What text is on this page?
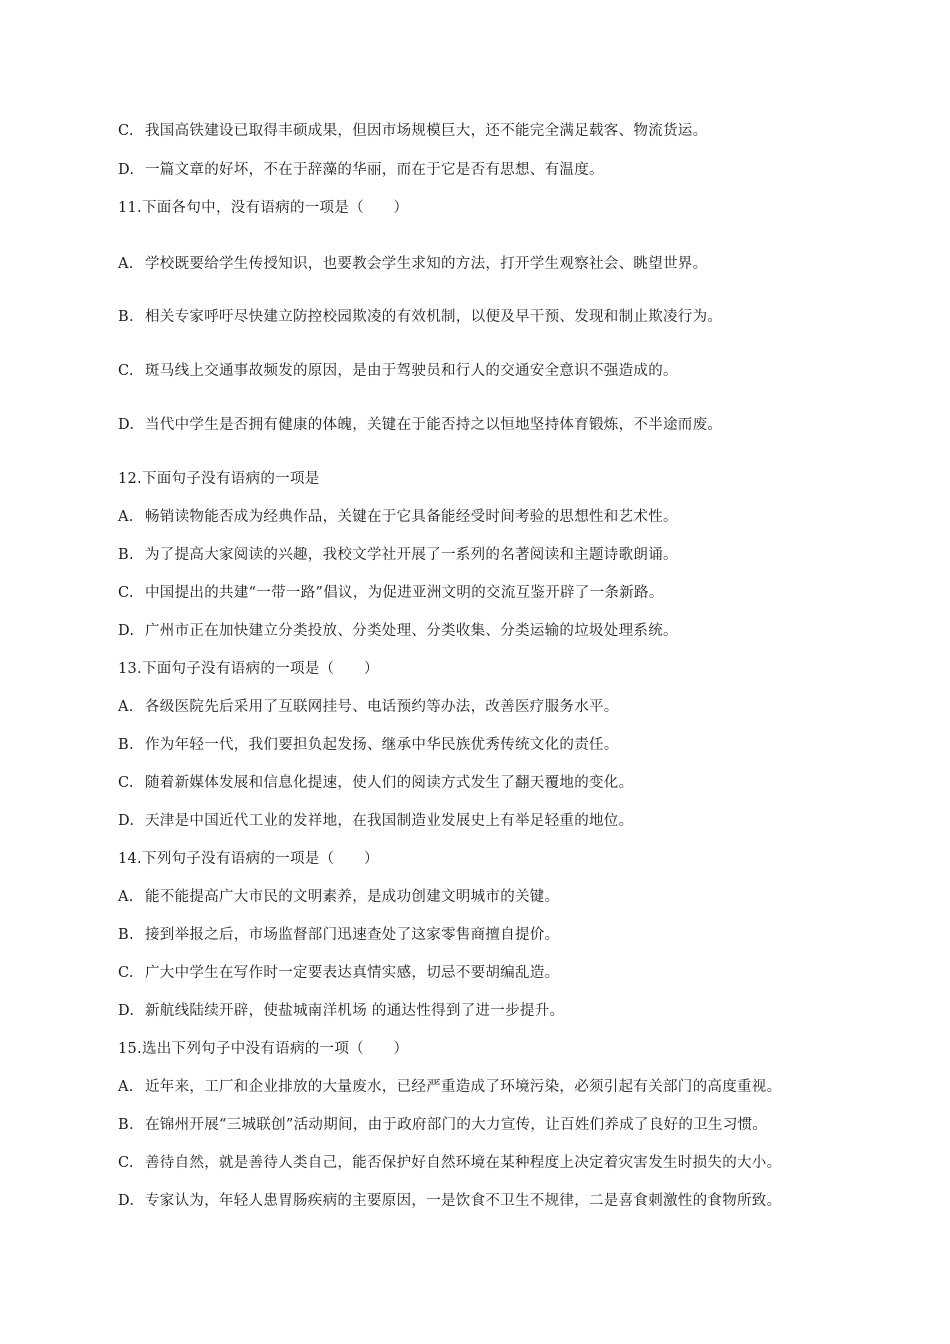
C. 我国高铁建设已取得丰硕成果，但因市场规模巨大，还不能完全满足载客、物流货运。
D. 一篇文章的好坏，不在于辞藻的华丽，而在于它是否有思想、有温度。
11.下面各句中，没有语病的一项是（　　）
A. 学校既要给学生传授知识，也要教会学生求知的方法，打开学生观察社会、眺望世界。
B. 相关专家呼吁尽快建立防控校园欺凌的有效机制，以便及早干预、发现和制止欺凌行为。
C. 斑马线上交通事故频发的原因，是由于驾驶员和行人的交通安全意识不强造成的。
D. 当代中学生是否拥有健康的体魄，关键在于能否持之以恒地坚持体育锻炼，不半途而废。
12.下面句子没有语病的一项是
A. 畅销读物能否成为经典作品，关键在于它具备能经受时间考验的思想性和艺术性。
B. 为了提高大家阅读的兴趣，我校文学社开展了一系列的名著阅读和主题诗歌朗诵。
C. 中国提出的共建“一带一路”倡议，为促进亚洲文明的交流互鉴开辟了一条新路。
D. 广州市正在加快建立分类投放、分类处理、分类收集、分类运输的垃圾处理系统。
13.下面句子没有语病的一项是（　　）
A. 各级医院先后采用了互联网挂号、电话预约等办法，改善医疗服务水平。
B. 作为年轻一代，我们要担负起发扬、继承中华民族优秀传统文化的责任。
C. 随着新媒体发展和信息化提速，使人们的阅读方式发生了翻天覆地的变化。
D. 天津是中国近代工业的发祥地，在我国制造业发展史上有举足轻重的地位。
14.下列句子没有语病的一项是（　　）
A. 能不能提高广大市民的文明素养，是成功创建文明城市的关键。
B. 接到举报之后，市场监督部门迅速查处了这家零售商擅自提价。
C. 广大中学生在写作时一定要表达真情实感，切忌不要胡编乱造。
D. 新航线陆续开辟，使盐城南洋机场 的通达性得到了进一步提升。
15.选出下列句子中没有语病的一项（　　）
A. 近年来，工厂和企业排放的大量废水，已经严重造成了环境污染，必须引起有关部门的高度重视。
B. 在锦州开展“三城联创”活动期间，由于政府部门的大力宣传，让百姓们养成了良好的卫生习惯。
C. 善待自然，就是善待人类自己，能否保护好自然环境在某种程度上决定着灾害发生时损失的大小。
D. 专家认为，年轻人患胃肠疾病的主要原因，一是饮食不卫生不规律，二是喜食刺激性的食物所致。
